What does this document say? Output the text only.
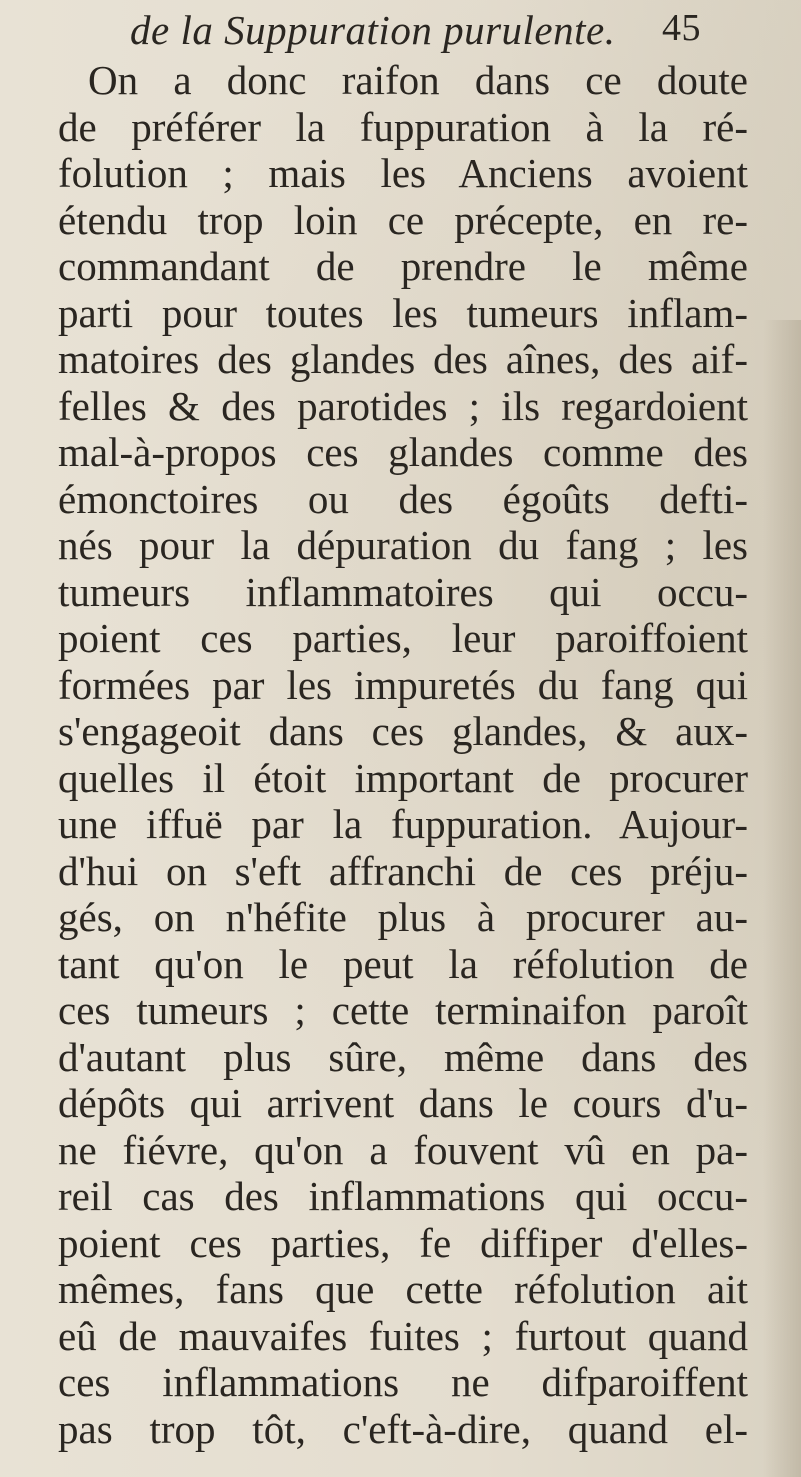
de la Suppuration purulente. 45
On a donc raifon dans ce doute
de préférer la fuppuration à la ré-
folution ; mais les Anciens avoient
étendu trop loin ce précepte, en re-
commandant de prendre le même
parti pour toutes les tumeurs inflam-
matoires des glandes des aînes, des aif-
felles & des parotides ; ils regardoient
mal-à-propos ces glandes comme des
émonctoires ou des égoûts defti-
nés pour la dépuration du fang ; les
tumeurs inflammatoires qui occu-
poient ces parties, leur paroiffoient
formées par les impuretés du fang qui
s'engageoit dans ces glandes, & aux-
quelles il étoit important de procurer
une iffuë par la fuppuration. Aujour-
d'hui on s'eft affranchi de ces préju-
gés, on n'héfite plus à procurer au-
tant qu'on le peut la réfolution de
ces tumeurs ; cette terminaifon paroît
d'autant plus sûre, même dans des
dépôts qui arrivent dans le cours d'u-
ne fiévre, qu'on a fouvent vû en pa-
reil cas des inflammations qui occu-
poient ces parties, fe diffiper d'elles-
mêmes, fans que cette réfolution ait
eû de mauvaifes fuites ; furtout quand
ces inflammations ne difparoiffent
pas trop tôt, c'eft-à-dire, quand el-
